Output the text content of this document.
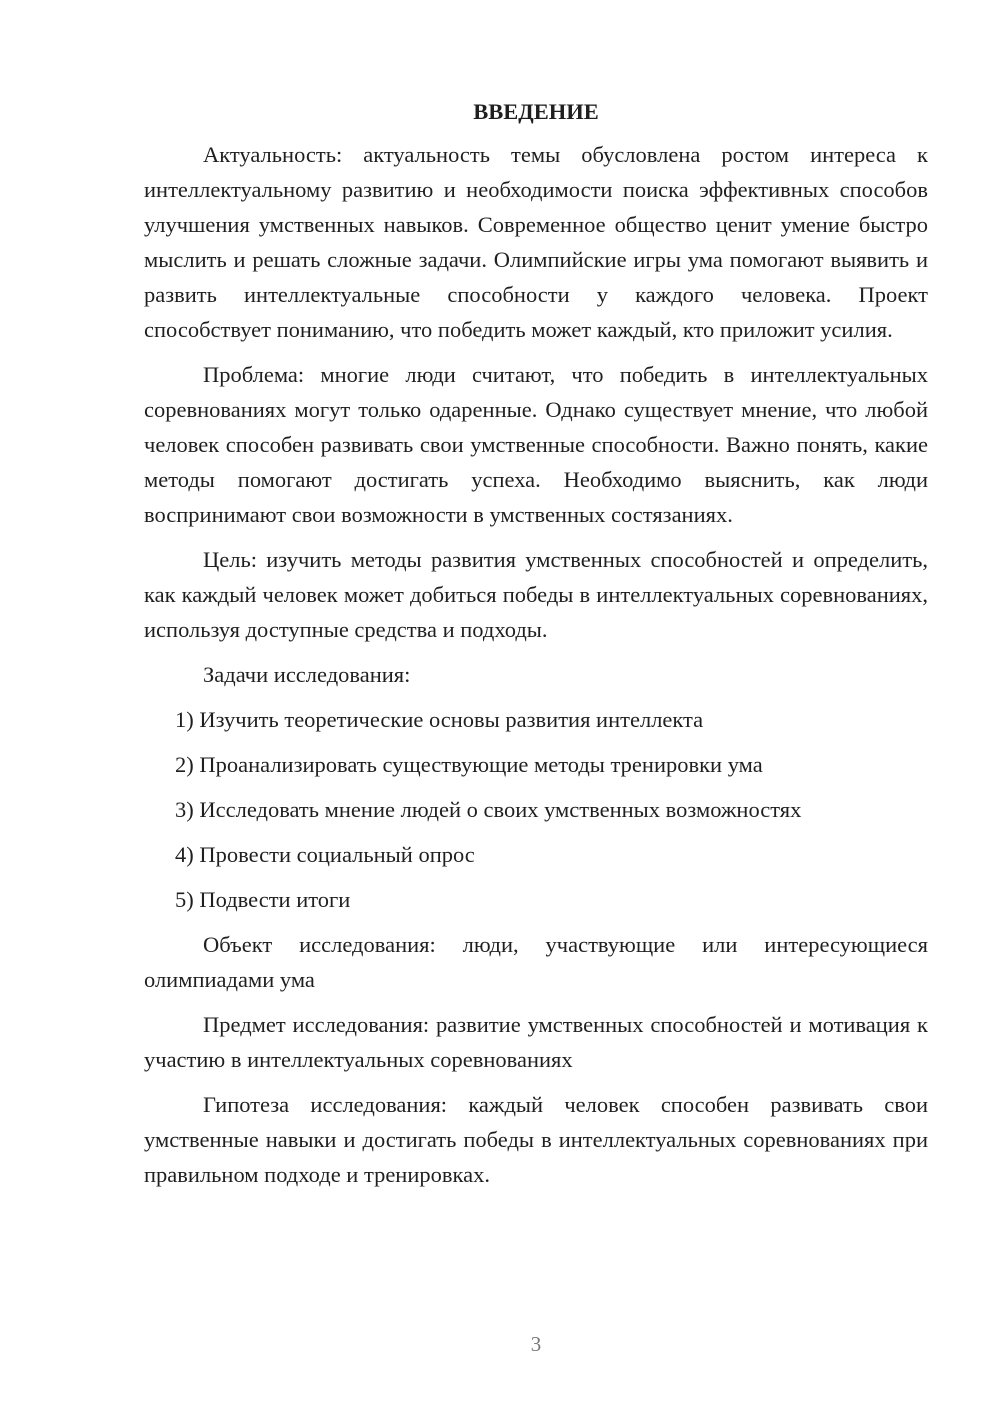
ВВЕДЕНИЕ

Актуальность: актуальность темы обусловлена ростом интереса к интеллектуальному развитию и необходимости поиска эффективных способов улучшения умственных навыков. Современное общество ценит умение быстро мыслить и решать сложные задачи. Олимпийские игры ума помогают выявить и развить интеллектуальные способности у каждого человека. Проект способствует пониманию, что победить может каждый, кто приложит усилия.

Проблема: многие люди считают, что победить в интеллектуальных соревнованиях могут только одаренные. Однако существует мнение, что любой человек способен развивать свои умственные способности. Важно понять, какие методы помогают достигать успеха. Необходимо выяснить, как люди воспринимают свои возможности в умственных состязаниях.

Цель: изучить методы развития умственных способностей и определить, как каждый человек может добиться победы в интеллектуальных соревнованиях, используя доступные средства и подходы.

Задачи исследования:

1) Изучить теоретические основы развития интеллекта
2) Проанализировать существующие методы тренировки ума
3) Исследовать мнение людей о своих умственных возможностях
4) Провести социальный опрос
5) Подвести итоги

Объект исследования: люди, участвующие или интересующиеся олимпиадами ума

Предмет исследования: развитие умственных способностей и мотивация к участию в интеллектуальных соревнованиях

Гипотеза исследования: каждый человек способен развивать свои умственные навыки и достигать победы в интеллектуальных соревнованиях при правильном подходе и тренировках.

3
